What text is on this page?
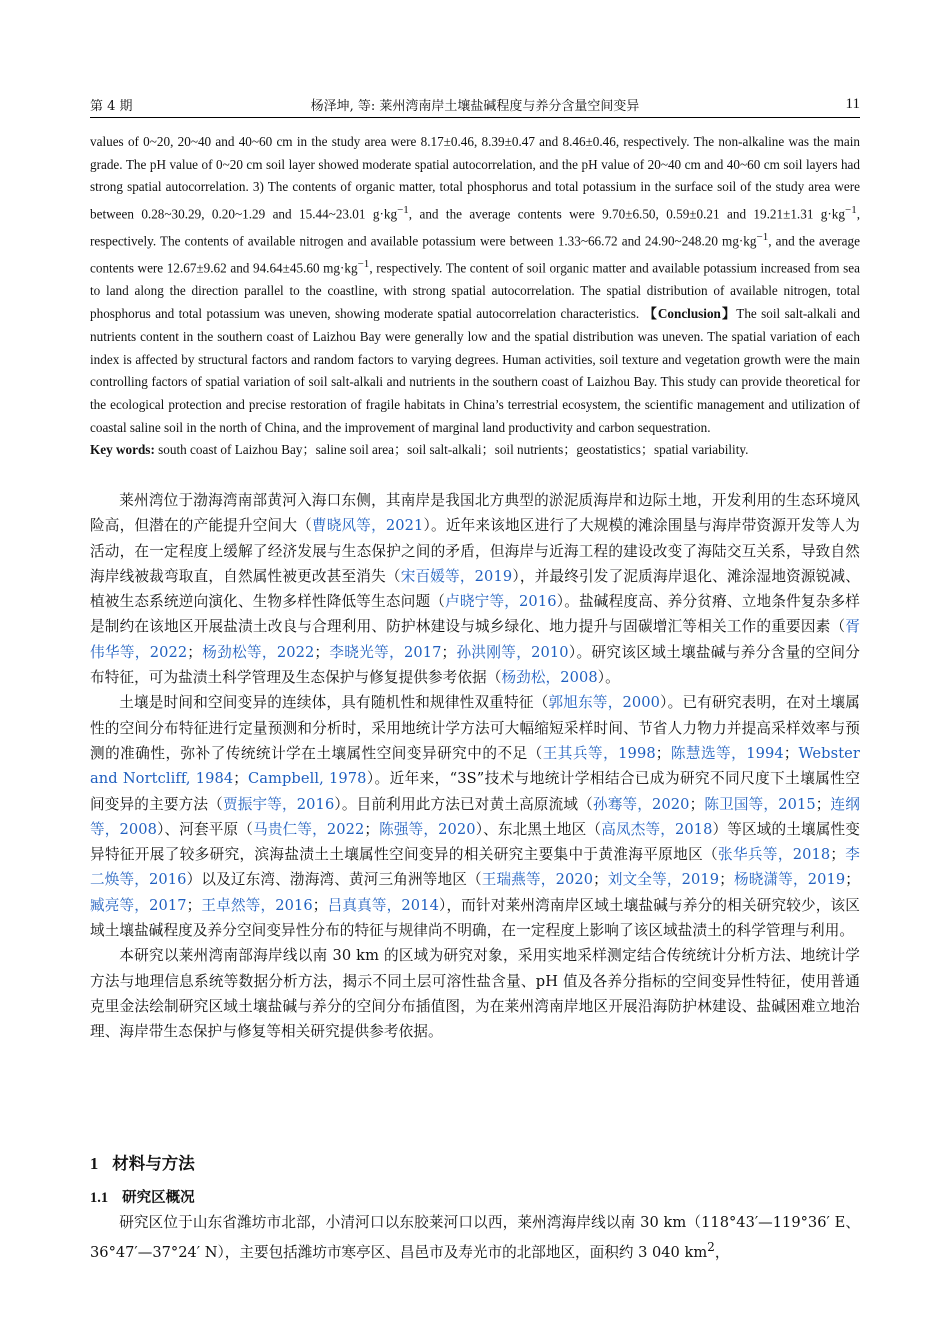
第 4 期	杨泽坤, 等: 莱州湾南岸土壤盐碱程度与养分含量空间变异	11

values of 0~20, 20~40 and 40~60 cm in the study area were 8.17±0.46, 8.39±0.47 and 8.46±0.46, respectively. The non-alkaline was the main grade. The pH value of 0~20 cm soil layer showed moderate spatial autocorrelation, and the pH value of 20~40 cm and 40~60 cm soil layers had strong spatial autocorrelation. 3) The contents of organic matter, total phosphorus and total potassium in the surface soil of the study area were between 0.28~30.29, 0.20~1.29 and 15.44~23.01 $g\cdot kg^{-1}$, and the average contents were 9.70±6.50, 0.59±0.21 and 19.21±1.31 $g\cdot kg^{-1}$, respectively. The contents of available nitrogen and available potassium were between 1.33~66.72 and 24.90~248.20 $mg\cdot kg^{-1}$, and the average contents were 12.67±9.62 and 94.64±45.60 $mg\cdot kg^{-1}$, respectively. The content of soil organic matter and available potassium increased from sea to land along the direction parallel to the coastline, with strong spatial autocorrelation. The spatial distribution of available nitrogen, total phosphorus and total potassium was uneven, showing moderate spatial autocorrelation characteristics. 【Conclusion】The soil salt-alkali and nutrients content in the southern coast of Laizhou Bay were generally low and the spatial distribution was uneven. The spatial variation of each index is affected by structural factors and random factors to varying degrees. Human activities, soil texture and vegetation growth were the main controlling factors of spatial variation of soil salt-alkali and nutrients in the southern coast of Laizhou Bay. This study can provide theoretical for the ecological protection and precise restoration of fragile habitats in China’s terrestrial ecosystem, the scientific management and utilization of coastal saline soil in the north of China, and the improvement of marginal land productivity and carbon sequestration.

Key words: south coast of Laizhou Bay；saline soil area；soil salt-alkali；soil nutrients；geostatistics；spatial variability.

莱州湾位于渤海湾南部黄河入海口东侧，其南岸是我国北方典型的淤泥质海岸和边际土地，开发利用的生态环境风险高，但潜在的产能提升空间大（曹晓风等，2021）。近年来该地区进行了大规模的滩涂围垦与海岸带资源开发等人为活动，在一定程度上缓解了经济发展与生态保护之间的矛盾，但海岸与近海工程的建设改变了海陆交互关系，导致自然海岸线被裁弯取直，自然属性被更改甚至消失（宋百媛等，2019），并最终引发了泥质海岸退化、滩涂湿地资源锐减、植被生态系统逆向演化、生物多样性降低等生态问题（卢晓宁等，2016）。盐碱程度高、养分贫瘠、立地条件复杂多样是制约在该地区开展盐渍土改良与合理利用、防护林建设与城乡绿化、地力提升与固碳增汇等相关工作的重要因素（胥伟华等，2022；杨劲松等，2022；李晓光等，2017；孙洪刚等，2010）。研究该区域土壤盐碱与养分含量的空间分布特征，可为盐渍土科学管理及生态保护与修复提供参考依据（杨劲松，2008）。

土壤是时间和空间变异的连续体，具有随机性和规律性双重特征（郭旭东等，2000）。已有研究表明，在对土壤属性的空间分布特征进行定量预测和分析时，采用地统计学方法可大幅缩短采样时间、节省人力物力并提高采样效率与预测的准确性，弥补了传统统计学在土壤属性空间变异研究中的不足（王其兵等，1998；陈慧选等，1994；Webster and Nortcliff, 1984；Campbell, 1978）。近年来，“3S”技术与地统计学相结合已成为研究不同尺度下土壤属性空间变异的主要方法（贾振宇等，2016）。目前利用此方法已对黄土高原流域（孙骞等，2020；陈卫国等，2015；连纲等，2008）、河套平原（马贵仁等，2022；陈强等，2020）、东北黑土地区（高凤杰等，2018）等区域的土壤属性变异特征开展了较多研究，滨海盐渍土土壤属性空间变异的相关研究主要集中于黄淮海平原地区（张华兵等，2018；李二焕等，2016）以及辽东湾、渤海湾、黄河三角洲等地区（王瑞燕等，2020；刘文全等，2019；杨晓潇等，2019；臧亮等，2017；王卓然等，2016；吕真真等，2014），而针对莱州湾南岸区域土壤盐碱与养分的相关研究较少，该区域土壤盐碱程度及养分空间变异性分布的特征与规律尚不明确，在一定程度上影响了该区域盐渍土的科学管理与利用。

本研究以莱州湾南部海岸线以南 30 km 的区域为研究对象，采用实地采样测定结合传统统计分析方法、地统计学方法与地理信息系统等数据分析方法，揭示不同土层可溶性盐含量、pH 值及各养分指标的空间变异性特征，使用普通克里金法绘制研究区域土壤盐碱与养分的空间分布插值图，为在莱州湾南岸地区开展沿海防护林建设、盐碱困难立地治理、海岸带生态保护与修复等相关研究提供参考依据。

1 材料与方法
1.1 研究区概况

研究区位于山东省潍坊市北部，小清河口以东胶莱河口以西，莱州湾海岸线以南 30 km（118°43′—119°36′ E、36°47′—37°24′ N），主要包括潍坊市寒亭区、昌邑市及寿光市的北部地区，面积约 3 040 $km^2$，
